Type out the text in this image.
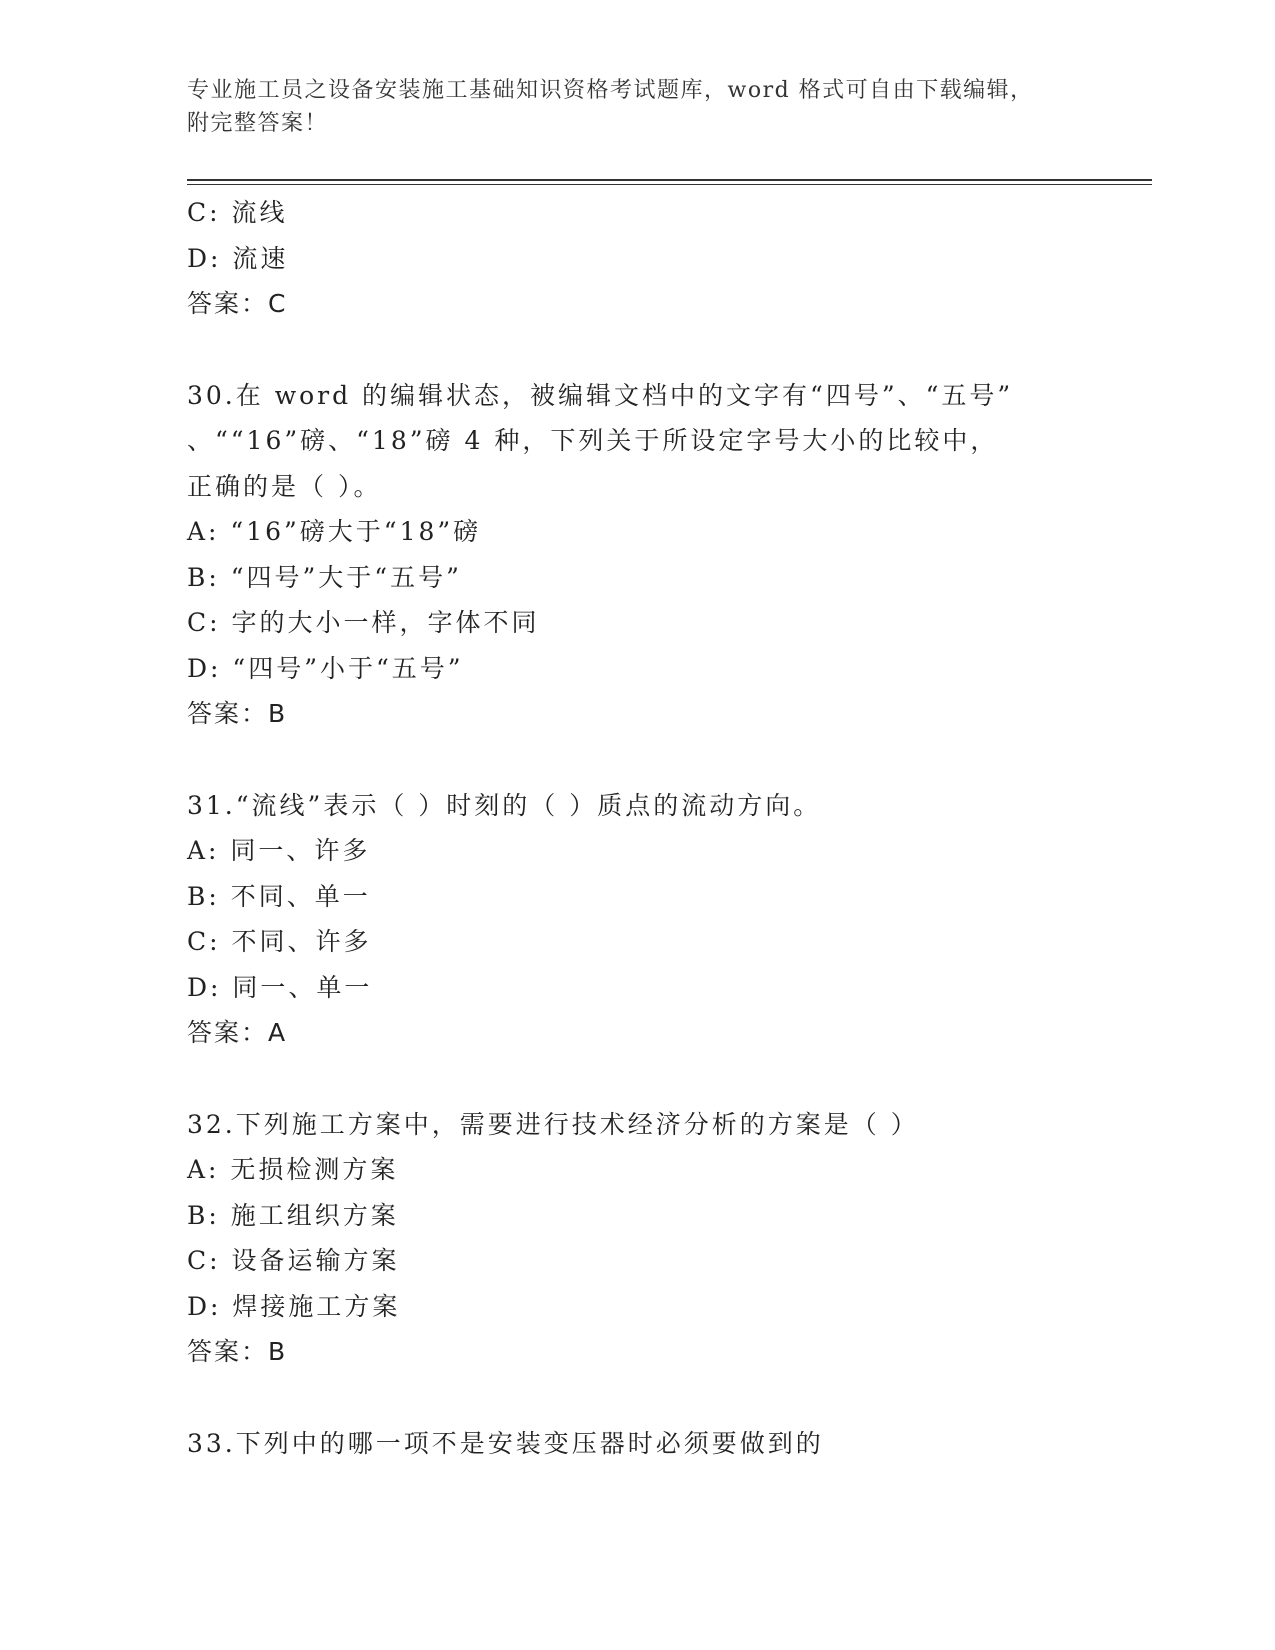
专业施工员之设备安装施工基础知识资格考试题库，word 格式可自由下载编辑，
附完整答案！
C: 流线
D: 流速
答案：C
30.在 word 的编辑状态，被编辑文档中的文字有“四号”、“五号”
、““16”磅、“18”磅 4 种，下列关于所设定字号大小的比较中，
正确的是（ ）。
A: “16”磅大于“18”磅
B: “四号”大于“五号”
C: 字的大小一样，字体不同
D: “四号”小于“五号”
答案：B
31.“流线”表示（ ）时刻的（ ）质点的流动方向。
A: 同一、许多
B: 不同、单一
C: 不同、许多
D: 同一、单一
答案：A
32.下列施工方案中，需要进行技术经济分析的方案是（ ）
A: 无损检测方案
B: 施工组织方案
C: 设备运输方案
D: 焊接施工方案
答案：B
33.下列中的哪一项不是安装变压器时必须要做到的
